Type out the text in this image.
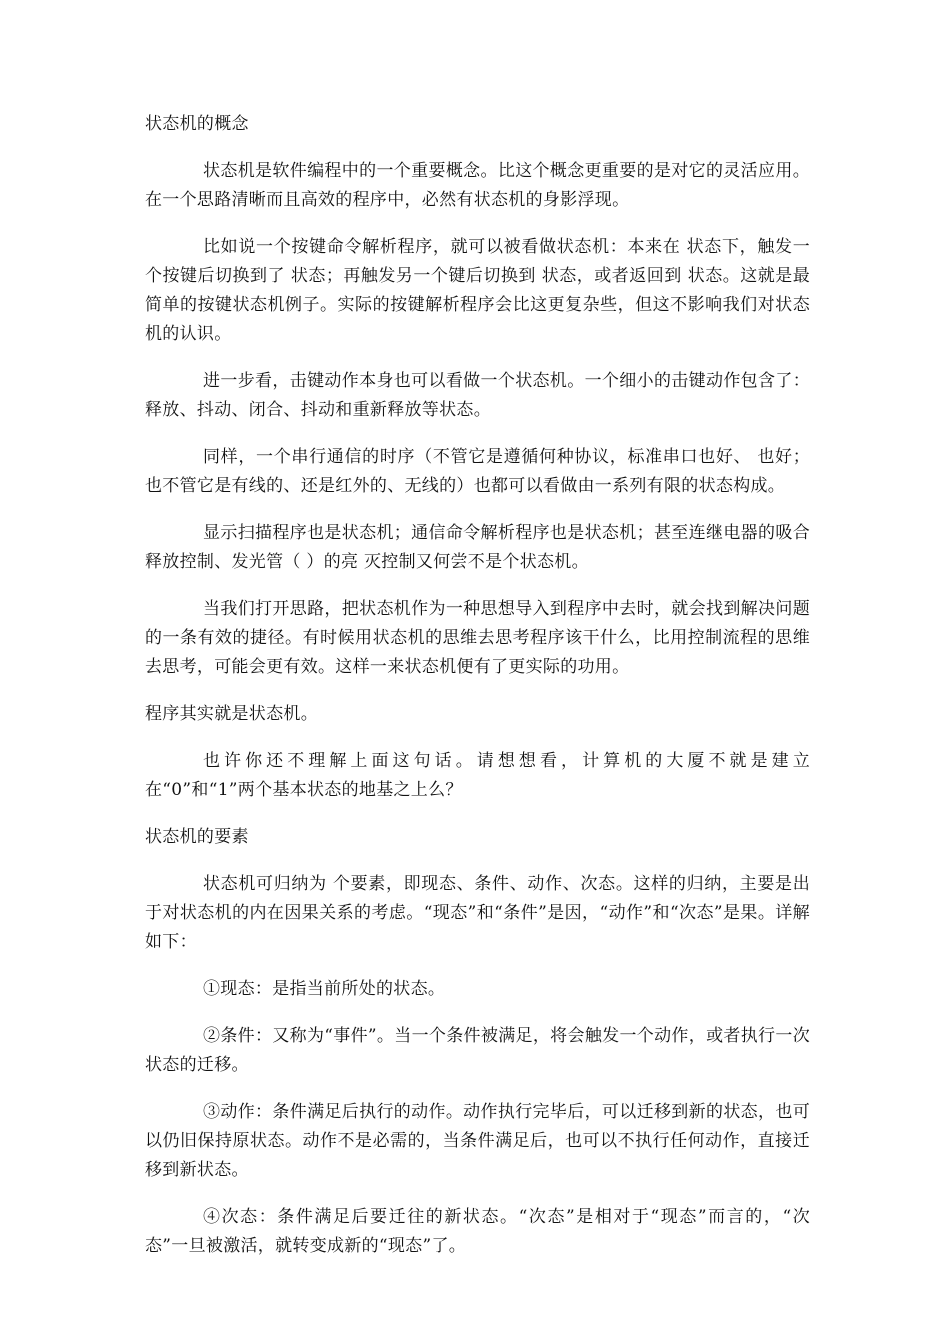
状态机的概念
状态机是软件编程中的一个重要概念。比这个概念更重要的是对它的灵活应用。在一个思路清晰而且高效的程序中，必然有状态机的身影浮现。
比如说一个按键命令解析程序，就可以被看做状态机：本来在 状态下，触发一个按键后切换到了 状态；再触发另一个键后切换到 状态，或者返回到 状态。这就是最简单的按键状态机例子。实际的按键解析程序会比这更复杂些，但这不影响我们对状态机的认识。
进一步看，击键动作本身也可以看做一个状态机。一个细小的击键动作包含了：释放、抖动、闭合、抖动和重新释放等状态。
同样，一个串行通信的时序（不管它是遵循何种协议，标准串口也好、 也好；也不管它是有线的、还是红外的、无线的）也都可以看做由一系列有限的状态构成。
显示扫描程序也是状态机；通信命令解析程序也是状态机；甚至连继电器的吸合 释放控制、发光管（ ）的亮 灭控制又何尝不是个状态机。
当我们打开思路，把状态机作为一种思想导入到程序中去时，就会找到解决问题的一条有效的捷径。有时候用状态机的思维去思考程序该干什么，比用控制流程的思维去思考，可能会更有效。这样一来状态机便有了更实际的功用。
程序其实就是状态机。
也许你还不理解上面这句话。请想想看，计算机的大厦不就是建立在“0”和“1”两个基本状态的地基之上么？
状态机的要素
状态机可归纳为 个要素，即现态、条件、动作、次态。这样的归纳，主要是出于对状态机的内在因果关系的考虑。“现态”和“条件”是因，“动作”和“次态”是果。详解如下：
①现态：是指当前所处的状态。
②条件：又称为“事件”。当一个条件被满足，将会触发一个动作，或者执行一次状态的迁移。
③动作：条件满足后执行的动作。动作执行完毕后，可以迁移到新的状态，也可以仍旧保持原状态。动作不是必需的，当条件满足后，也可以不执行任何动作，直接迁移到新状态。
④次态：条件满足后要迁往的新状态。“次态”是相对于“现态”而言的，“次态”一旦被激活，就转变成新的“现态”了。
